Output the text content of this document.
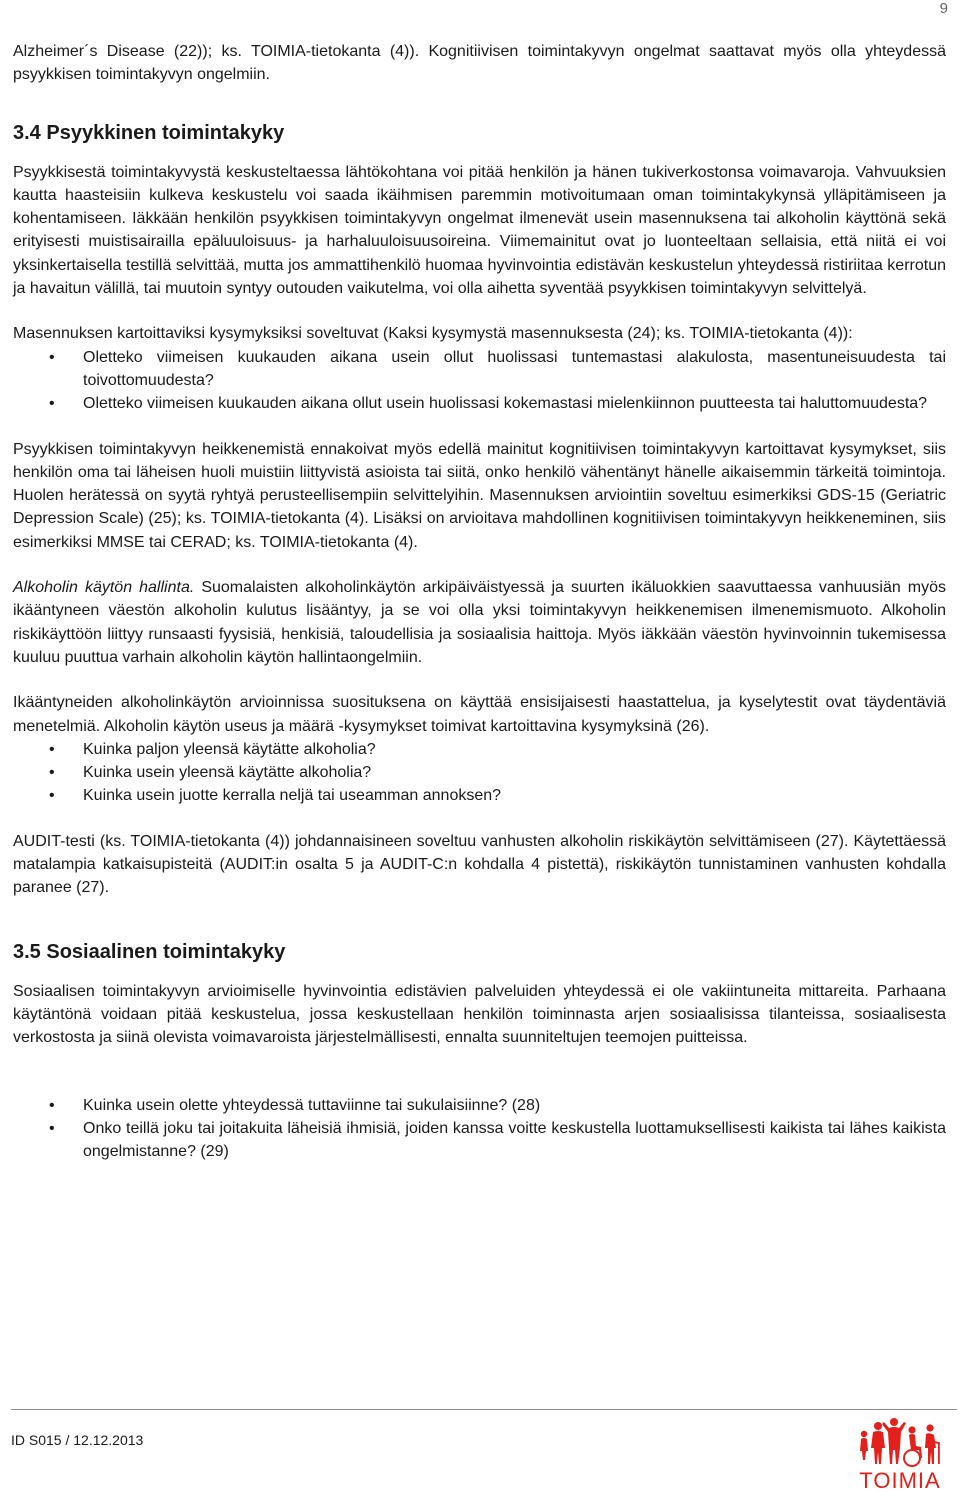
9

Alzheimer´s Disease (22)); ks. TOIMIA-tietokanta (4)). Kognitiivisen toimintakyvyn ongelmat saattavat myös olla yhteydessä psyykkisen toimintakyvyn ongelmiin.

3.4 Psyykkinen toimintakyky

Psyykkisestä toimintakyvystä keskusteltaessa lähtökohtana voi pitää henkilön ja hänen tukiverkostonsa voimavaroja. Vahvuuksien kautta haasteisiin kulkeva keskustelu voi saada ikäihmisen paremmin motivoitumaan oman toimintakykynsä ylläpitämiseen ja kohentamiseen. Iäkkään henkilön psyykkisen toimintakyvyn ongelmat ilmenevät usein masennuksena tai alkoholin käyttönä sekä erityisesti muistisairailla epäluuloisuus- ja harhaluuloisuusoireina. Viimemainitut ovat jo luonteeltaan sellaisia, että niitä ei voi yksinkertaisella testillä selvittää, mutta jos ammattihenkilö huomaa hyvinvointia edistävän keskustelun yhteydessä ristiriitaa kerrotun ja havaitun välillä, tai muutoin syntyy outouden vaikutelma, voi olla aihetta syventää psyykkisen toimintakyvyn selvittelyä.

Masennuksen kartoittaviksi kysymyksiksi soveltuvat (Kaksi kysymystä masennuksesta (24); ks. TOIMIA-tietokanta (4)):

• Oletteko viimeisen kuukauden aikana usein ollut huolissasi tuntemastasi alakulosta, masentuneisuudesta tai toivottomuudesta?
• Oletteko viimeisen kuukauden aikana ollut usein huolissasi kokemastasi mielenkiinnon puutteesta tai haluttomuudesta?

Psyykkisen toimintakyvyn heikkenemistä ennakoivat myös edellä mainitut kognitiivisen toimintakyvyn kartoittavat kysymykset, siis henkilön oma tai läheisen huoli muistiin liittyvistä asioista tai siitä, onko henkilö vähentänyt hänelle aikaisemmin tärkeitä toimintoja. Huolen herätessä on syytä ryhtyä perusteellisempiin selvittelyihin. Masennuksen arviointiin soveltuu esimerkiksi GDS-15 (Geriatric Depression Scale) (25); ks. TOIMIA-tietokanta (4). Lisäksi on arvioitava mahdollinen kognitiivisen toimintakyvyn heikkeneminen, siis esimerkiksi MMSE tai CERAD; ks. TOIMIA-tietokanta (4).

Alkoholin käytön hallinta. Suomalaisten alkoholinkäytön arkipäiväistyessä ja suurten ikäluokkien saavuttaessa vanhuusiän myös ikääntyneen väestön alkoholin kulutus lisääntyy, ja se voi olla yksi toimintakyvyn heikkenemisen ilmenemismuoto. Alkoholin riskikäyttöön liittyy runsaasti fyysisiä, henkisiä, taloudellisia ja sosiaalisia haittoja. Myös iäkkään väestön hyvinvoinnin tukemisessa kuuluu puuttua varhain alkoholin käytön hallintaongelmiin.

Ikääntyneiden alkoholinkäytön arvioinnissa suosituksena on käyttää ensisijaisesti haastattelua, ja kyselytestit ovat täydentäviä menetelmiä. Alkoholin käytön useus ja määrä -kysymykset toimivat kartoittavina kysymyksinä (26).

• Kuinka paljon yleensä käytätte alkoholia?
• Kuinka usein yleensä käytätte alkoholia?
• Kuinka usein juotte kerralla neljä tai useamman annoksen?

AUDIT-testi (ks. TOIMIA-tietokanta (4)) johdannaisineen soveltuu vanhusten alkoholin riskikäytön selvittämiseen (27). Käytettäessä matalampia katkaisupisteitä (AUDIT:in osalta 5 ja AUDIT-C:n kohdalla 4 pistettä), riskikäytön tunnistaminen vanhusten kohdalla paranee (27).

3.5 Sosiaalinen toimintakyky

Sosiaalisen toimintakyvyn arvioimiselle hyvinvointia edistävien palveluiden yhteydessä ei ole vakiintuneita mittareita. Parhaana käytäntönä voidaan pitää keskustelua, jossa keskustellaan henkilön toiminnasta arjen sosiaalisissa tilanteissa, sosiaalisesta verkostosta ja siinä olevista voimavaroista järjestelmällisesti, ennalta suunniteltujen teemojen puitteissa.

• Kuinka usein olette yhteydessä tuttaviinne tai sukulaisiinne? (28)
• Onko teillä joku tai joitakuita läheisiä ihmisiä, joiden kanssa voitte keskustella luottamuksellisesti kaikista tai lähes kaikista ongelmistanne? (29)
ID S015 / 12.12.2013
TOIMIA
